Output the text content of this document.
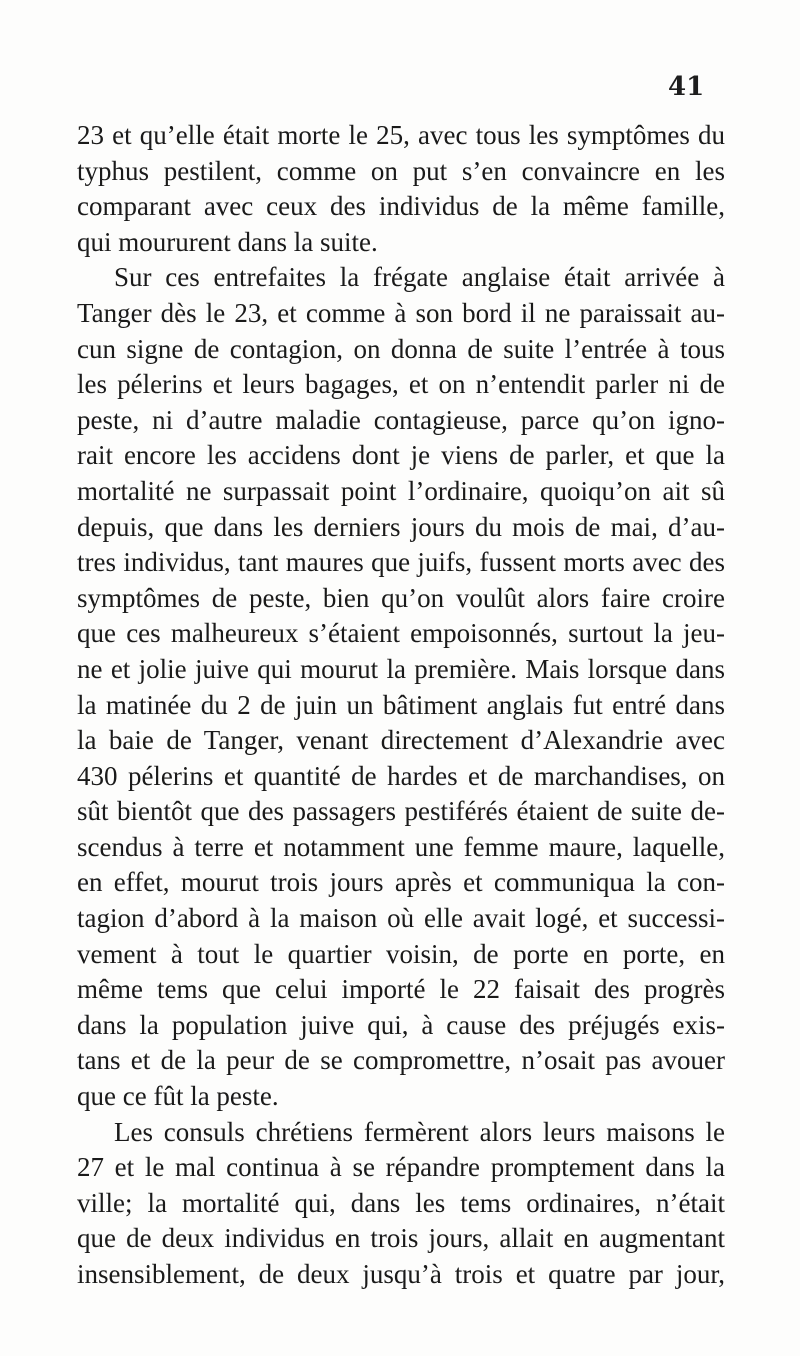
41
23 et qu’elle était morte le 25, avec tous les symptômes du
typhus pestilent, comme on put s’en convaincre en les
comparant avec ceux des individus de la même famille,
qui moururent dans la suite.
Sur ces entrefaites la frégate anglaise était arrivée à
Tanger dès le 23, et comme à son bord il ne paraissait au-
cun signe de contagion, on donna de suite l’entrée à tous
les pélerins et leurs bagages, et on n’entendit parler ni de
peste, ni d’autre maladie contagieuse, parce qu’on igno-
rait encore les accidens dont je viens de parler, et que la
mortalité ne surpassait point l’ordinaire, quoiqu’on ait sû
depuis, que dans les derniers jours du mois de mai, d’au-
tres individus, tant maures que juifs, fussent morts avec des
symptômes de peste, bien qu’on voulût alors faire croire
que ces malheureux s’étaient empoisonnés, surtout la jeu-
ne et jolie juive qui mourut la première. Mais lorsque dans
la matinée du 2 de juin un bâtiment anglais fut entré dans
la baie de Tanger, venant directement d’Alexandrie avec
430 pélerins et quantité de hardes et de marchandises, on
sût bientôt que des passagers pestiférés étaient de suite de-
scendus à terre et notamment une femme maure, laquelle,
en effet, mourut trois jours après et communiqua la con-
tagion d’abord à la maison où elle avait logé, et successi-
vement à tout le quartier voisin, de porte en porte, en
même tems que celui importé le 22 faisait des progrès
dans la population juive qui, à cause des préjugés exis-
tans et de la peur de se compromettre, n’osait pas avouer
que ce fût la peste.
Les consuls chrétiens fermèrent alors leurs maisons le
27 et le mal continua à se répandre promptement dans la
ville; la mortalité qui, dans les tems ordinaires, n’était
que de deux individus en trois jours, allait en augmentant
insensiblement, de deux jusqu’à trois et quatre par jour,
